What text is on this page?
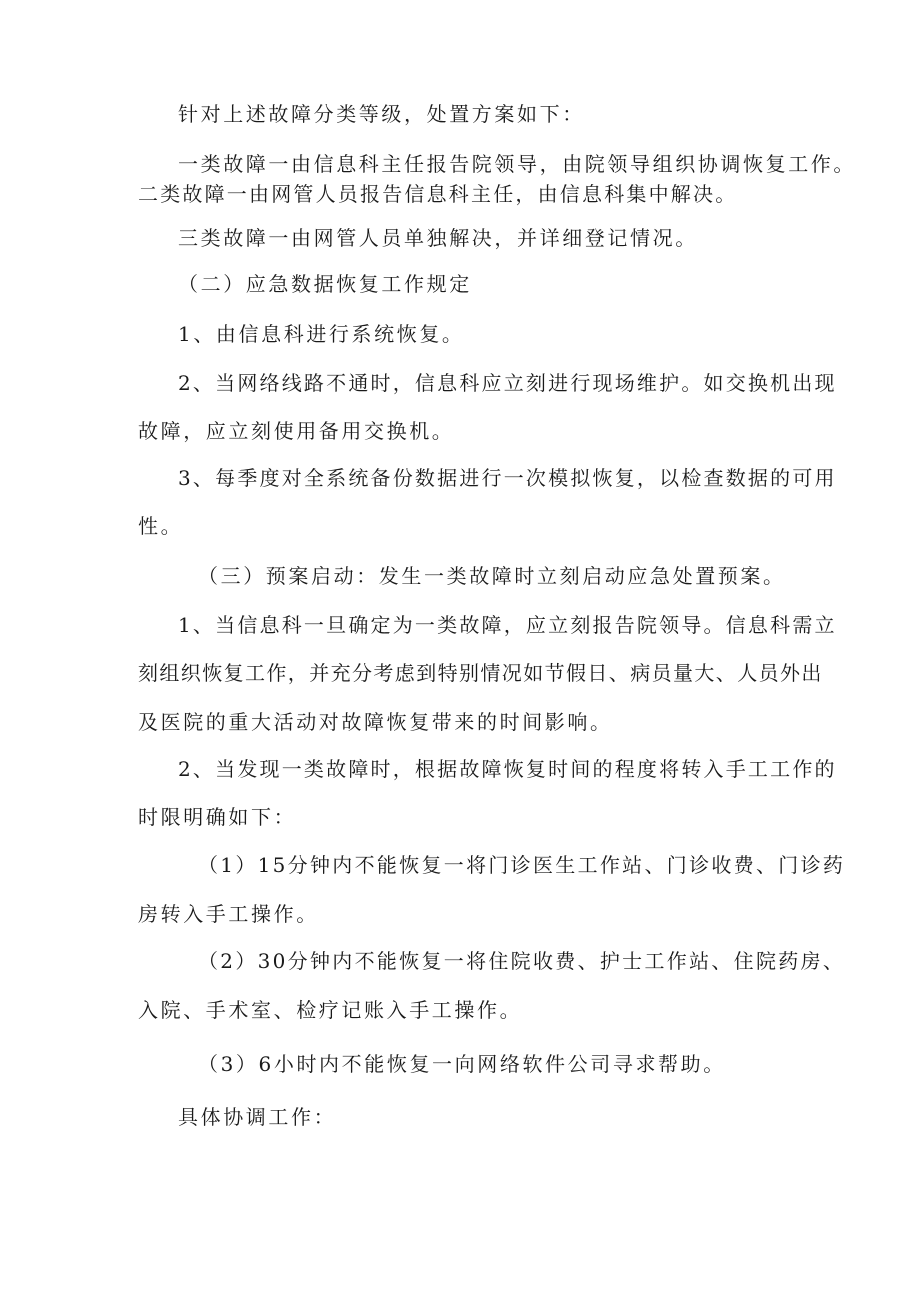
针对上述故障分类等级，处置方案如下：
一类故障一由信息科主任报告院领导，由院领导组织协调恢复工作。
二类故障一由网管人员报告信息科主任，由信息科集中解决。
三类故障一由网管人员单独解决，并详细登记情况。
（二）应急数据恢复工作规定
1、由信息科进行系统恢复。
2、当网络线路不通时，信息科应立刻进行现场维护。如交换机出现
故障，应立刻使用备用交换机。
3、每季度对全系统备份数据进行一次模拟恢复，以检查数据的可用
性。
（三）预案启动：发生一类故障时立刻启动应急处置预案。
1、当信息科一旦确定为一类故障，应立刻报告院领导。信息科需立
刻组织恢复工作，并充分考虑到特别情况如节假日、病员量大、人员外出
及医院的重大活动对故障恢复带来的时间影响。
2、当发现一类故障时，根据故障恢复时间的程度将转入手工工作的
时限明确如下：
（1）15分钟内不能恢复一将门诊医生工作站、门诊收费、门诊药
房转入手工操作。
（2）30分钟内不能恢复一将住院收费、护士工作站、住院药房、
入院、手术室、检疗记账入手工操作。
（3）6小时内不能恢复一向网络软件公司寻求帮助。
具体协调工作：
